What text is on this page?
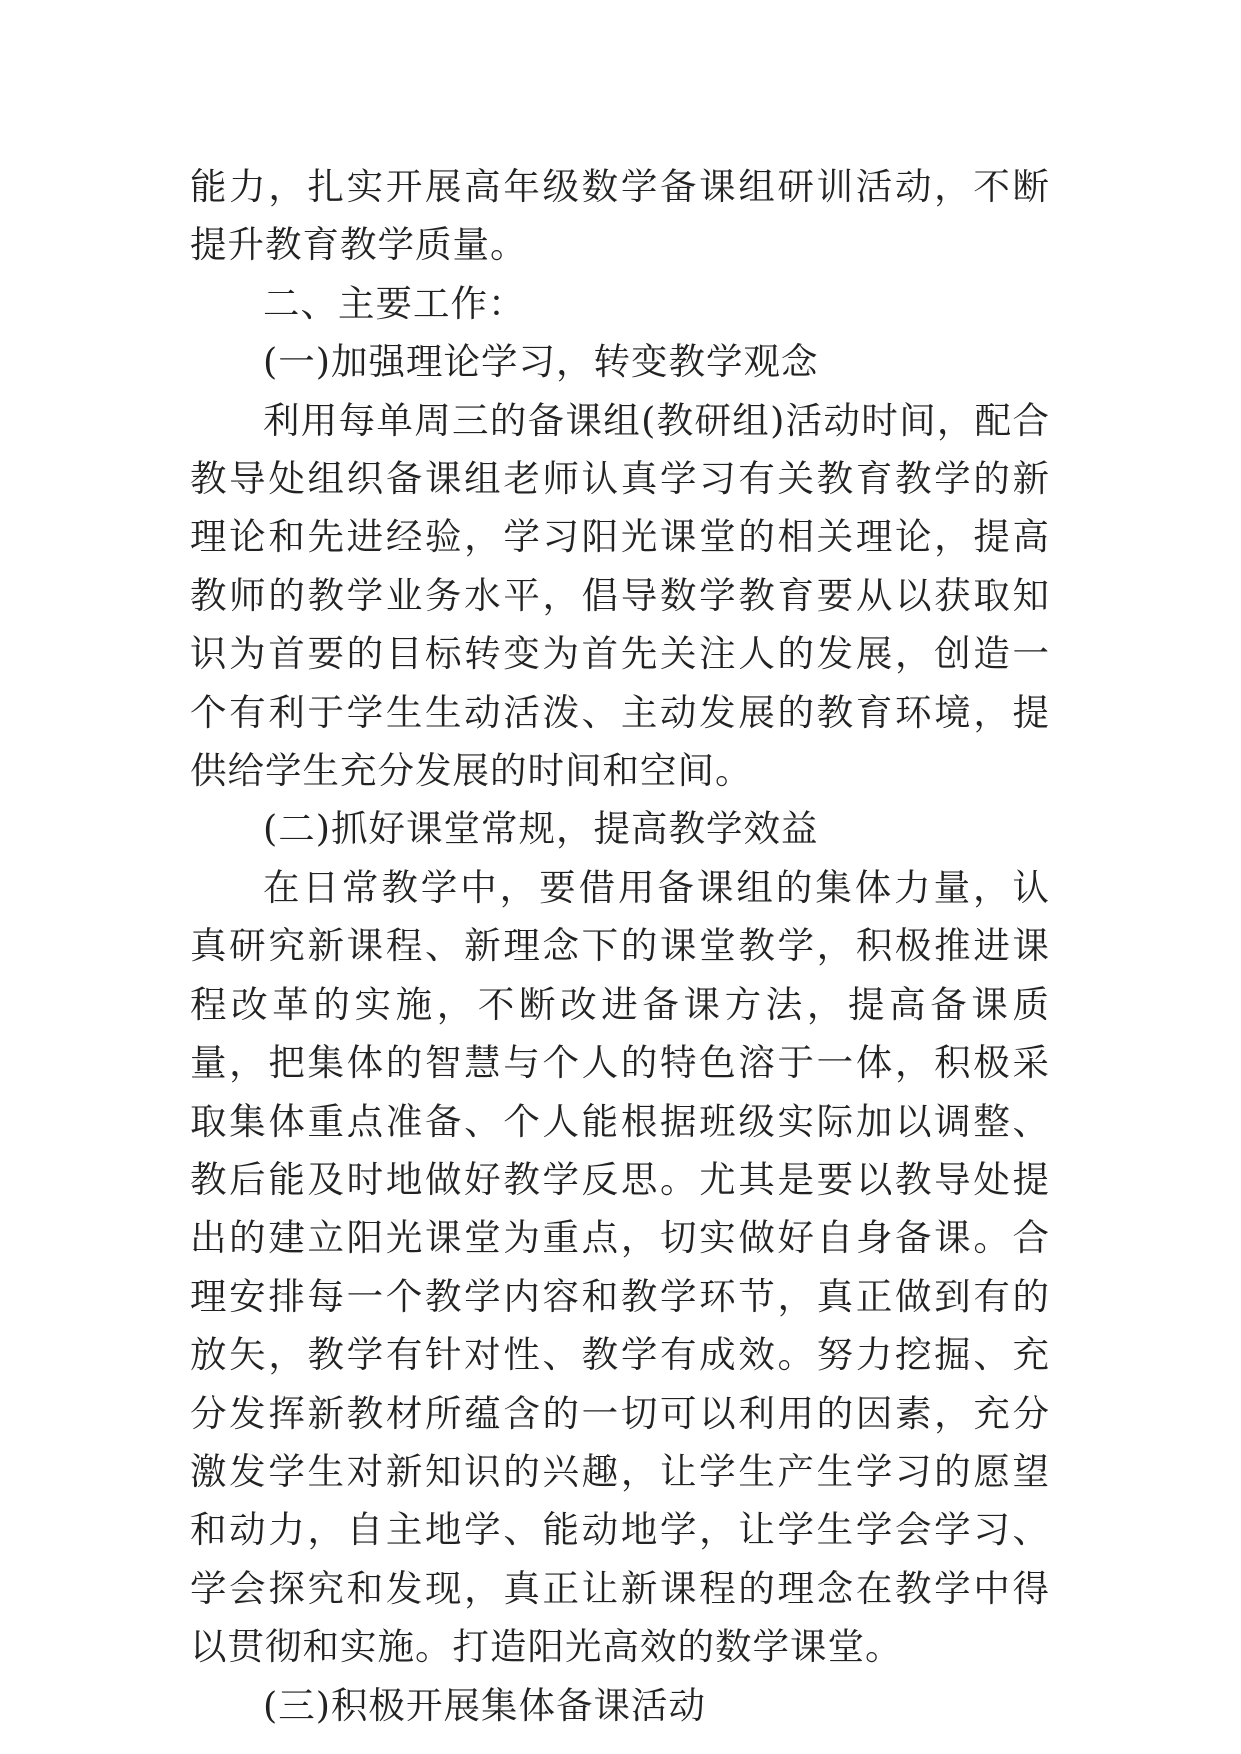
能力，扎实开展高年级数学备课组研训活动，不断提升教育教学质量。

二、主要工作：

(一)加强理论学习，转变教学观念

利用每单周三的备课组(教研组)活动时间，配合教导处组织备课组老师认真学习有关教育教学的新理论和先进经验，学习阳光课堂的相关理论，提高教师的教学业务水平，倡导数学教育要从以获取知识为首要的目标转变为首先关注人的发展，创造一个有利于学生生动活泼、主动发展的教育环境，提供给学生充分发展的时间和空间。

(二)抓好课堂常规，提高教学效益

在日常教学中，要借用备课组的集体力量，认真研究新课程、新理念下的课堂教学，积极推进课程改革的实施，不断改进备课方法，提高备课质量，把集体的智慧与个人的特色溶于一体，积极采取集体重点准备、个人能根据班级实际加以调整、教后能及时地做好教学反思。尤其是要以教导处提出的建立阳光课堂为重点，切实做好自身备课。合理安排每一个教学内容和教学环节，真正做到有的放矢，教学有针对性、教学有成效。努力挖掘、充分发挥新教材所蕴含的一切可以利用的因素，充分激发学生对新知识的兴趣，让学生产生学习的愿望和动力，自主地学、能动地学，让学生学会学习、学会探究和发现，真正让新课程的理念在教学中得以贯彻和实施。打造阳光高效的数学课堂。

(三)积极开展集体备课活动
